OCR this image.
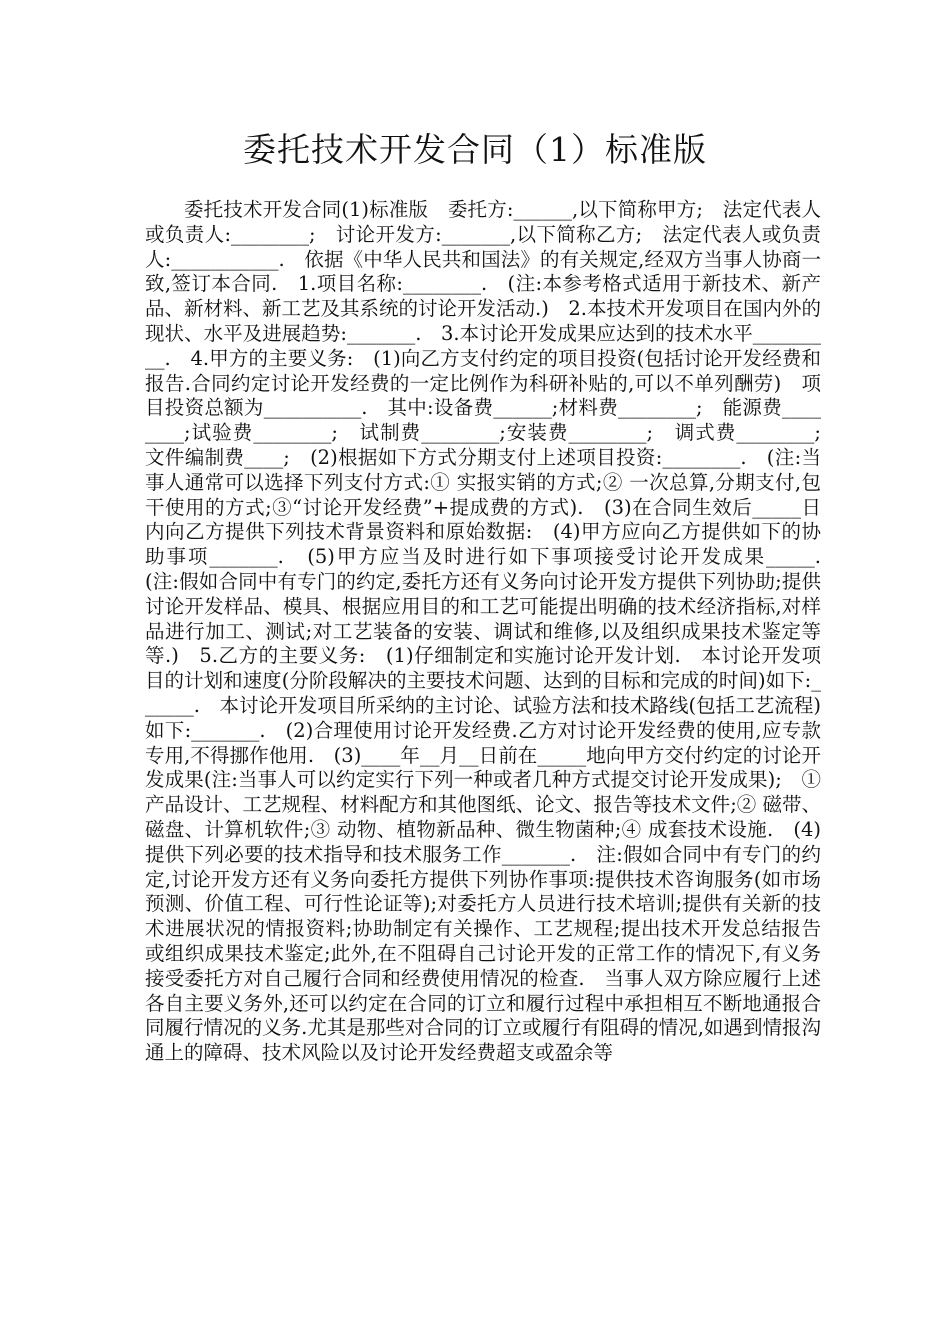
委托技术开发合同（1）标准版

委托技术开发合同(1)标准版　委托方:______,以下简称甲方;　法定代表人或负责人:________;　讨论开发方:_______,以下简称乙方;　法定代表人或负责人:___________.　依据《中华人民共和国法》的有关规定,经双方当事人协商一致,签订本合同.　1.项目名称:________.　(注:本参考格式适用于新技术、新产品、新材料、新工艺及其系统的讨论开发活动.)　2.本技术开发项目在国内外的现状、水平及进展趋势:_______.　3.本讨论开发成果应达到的技术水平_________.　4.甲方的主要义务:　(1)向乙方支付约定的项目投资(包括讨论开发经费和报告.合同约定讨论开发经费的一定比例作为科研补贴的,可以不单列酬劳)　项目投资总额为__________.　其中:设备费______;材料费________;　能源费________;试验费________;　试制费________;安装费________;　调式费________;文件编制费____;　(2)根据如下方式分期支付上述项目投资:________.　(注:当事人通常可以选择下列支付方式:① 实报实销的方式;② 一次总算,分期支付,包干使用的方式;③“讨论开发经费”+提成费的方式).　(3)在合同生效后_____日内向乙方提供下列技术背景资料和原始数据:　(4)甲方应向乙方提供如下的协助事项_______.　(5)甲方应当及时进行如下事项接受讨论开发成果_____.　(注:假如合同中有专门的约定,委托方还有义务向讨论开发方提供下列协助;提供讨论开发样品、模具、根据应用目的和工艺可能提出明确的技术经济指标,对样品进行加工、测试;对工艺装备的安装、调试和维修,以及组织成果技术鉴定等等.)　5.乙方的主要义务:　(1)仔细制定和实施讨论开发计划.　本讨论开发项目的计划和速度(分阶段解决的主要技术问题、达到的目标和完成的时间)如下:______.　本讨论开发项目所采纳的主讨论、试验方法和技术路线(包括工艺流程)如下:_______.　(2)合理使用讨论开发经费.乙方对讨论开发经费的使用,应专款专用,不得挪作他用.　(3)____年__月__日前在_____地向甲方交付约定的讨论开发成果(注:当事人可以约定实行下列一种或者几种方式提交讨论开发成果);　①产品设计、工艺规程、材料配方和其他图纸、论文、报告等技术文件;② 磁带、磁盘、计算机软件;③ 动物、植物新品种、微生物菌种;④ 成套技术设施.　(4)提供下列必要的技术指导和技术服务工作_______.　注:假如合同中有专门的约定,讨论开发方还有义务向委托方提供下列协作事项:提供技术咨询服务(如市场预测、价值工程、可行性论证等);对委托方人员进行技术培训;提供有关新的技术进展状况的情报资料;协助制定有关操作、工艺规程;提出技术开发总结报告或组织成果技术鉴定;此外,在不阻碍自己讨论开发的正常工作的情况下,有义务接受委托方对自己履行合同和经费使用情况的检查.　当事人双方除应履行上述各自主要义务外,还可以约定在合同的订立和履行过程中承担相互不断地通报合同履行情况的义务.尤其是那些对合同的订立或履行有阻碍的情况,如遇到情报沟通上的障碍、技术风险以及讨论开发经费超支或盈余等
